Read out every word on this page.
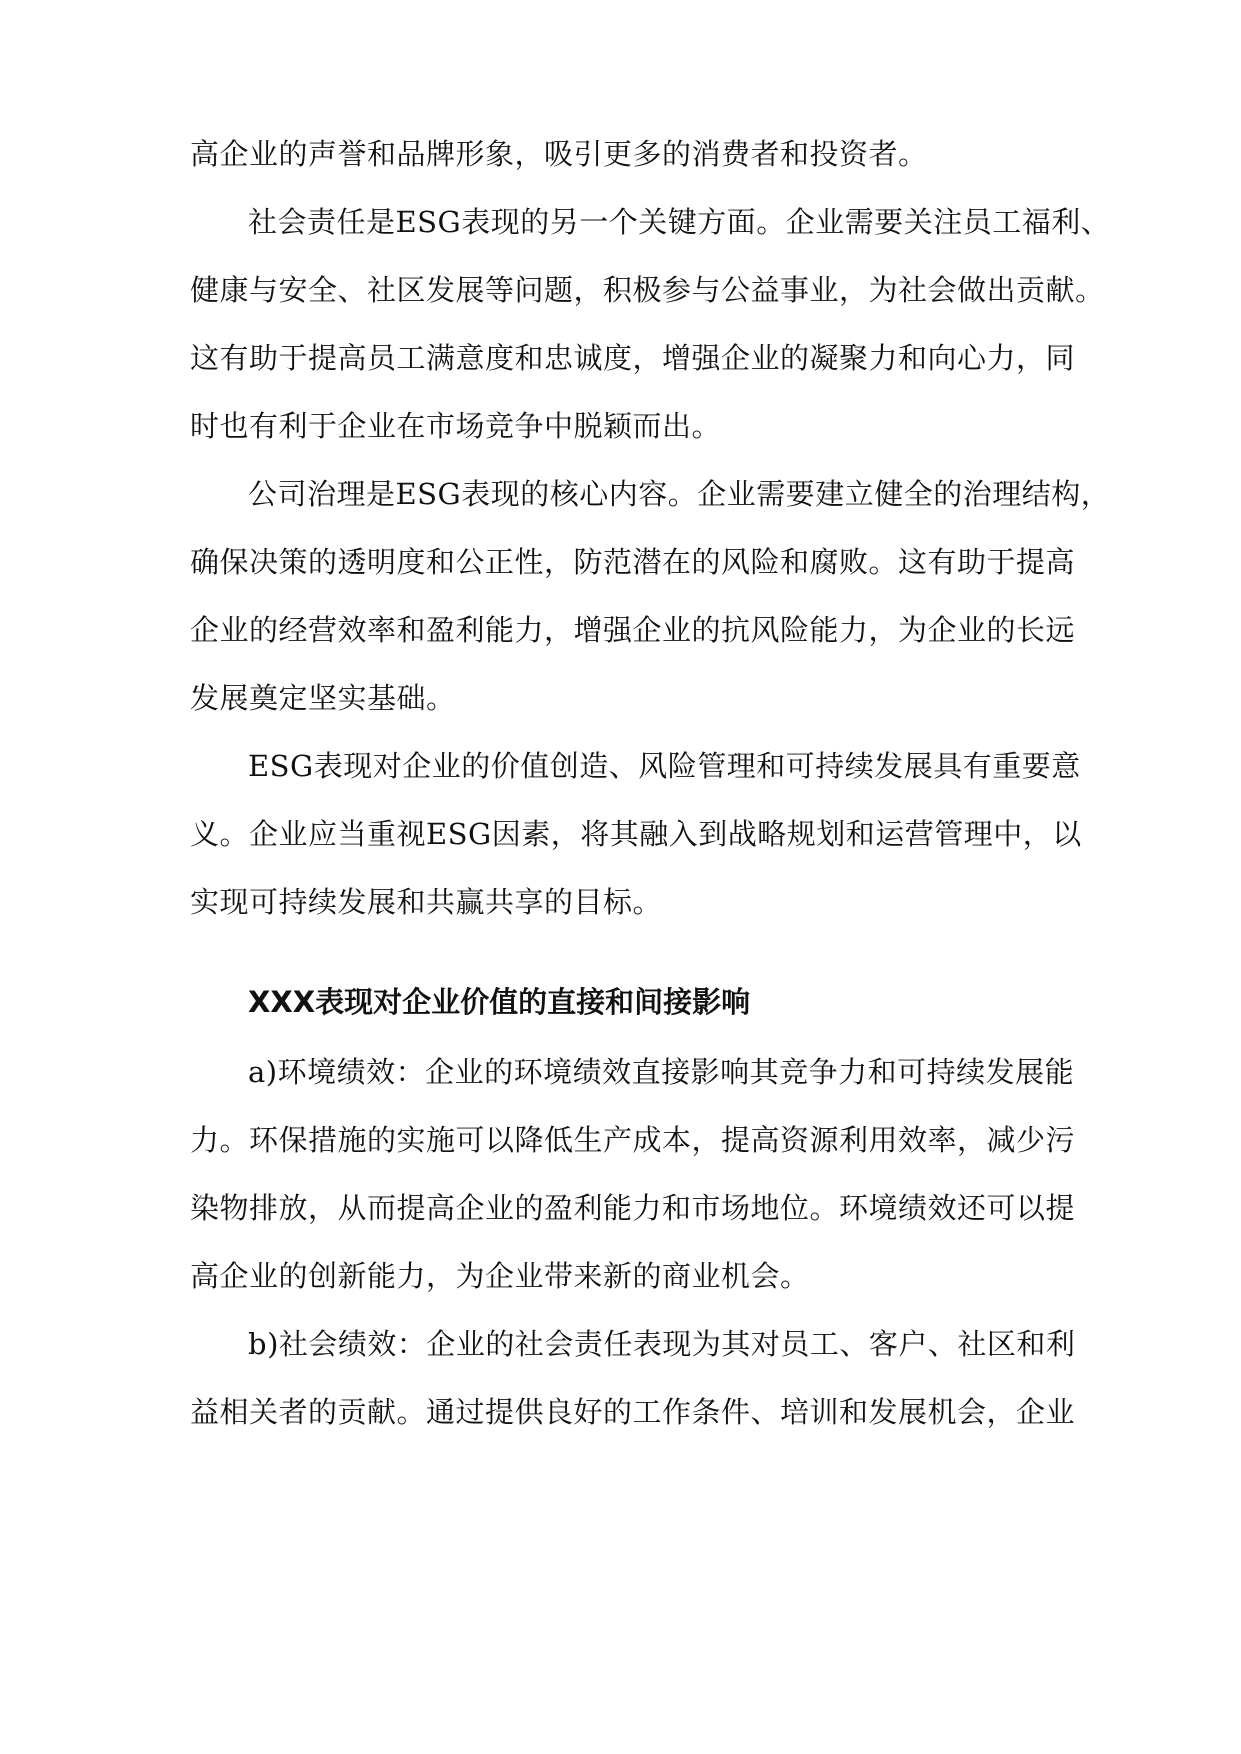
高企业的声誉和品牌形象，吸引更多的消费者和投资者。
社会责任是ESG表现的另一个关键方面。企业需要关注员工福利、
健康与安全、社区发展等问题，积极参与公益事业，为社会做出贡献。
这有助于提高员工满意度和忠诚度，增强企业的凝聚力和向心力，同
时也有利于企业在市场竞争中脱颖而出。
公司治理是ESG表现的核心内容。企业需要建立健全的治理结构，
确保决策的透明度和公正性，防范潜在的风险和腐败。这有助于提高
企业的经营效率和盈利能力，增强企业的抗风险能力，为企业的长远
发展奠定坚实基础。
ESG表现对企业的价值创造、风险管理和可持续发展具有重要意
义。企业应当重视ESG因素，将其融入到战略规划和运营管理中，以
实现可持续发展和共赢共享的目标。
XXX表现对企业价值的直接和间接影响
a)环境绩效：企业的环境绩效直接影响其竞争力和可持续发展能
力。环保措施的实施可以降低生产成本，提高资源利用效率，减少污
染物排放，从而提高企业的盈利能力和市场地位。环境绩效还可以提
高企业的创新能力，为企业带来新的商业机会。
b)社会绩效：企业的社会责任表现为其对员工、客户、社区和利
益相关者的贡献。通过提供良好的工作条件、培训和发展机会，企业
